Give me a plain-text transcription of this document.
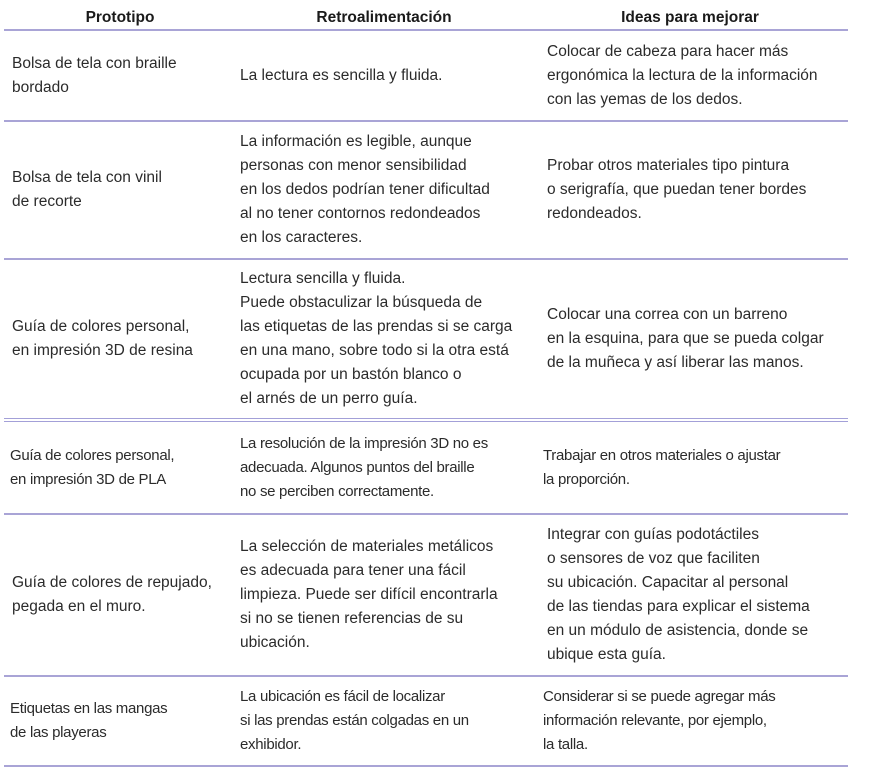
Prototipo	Retroalimentación	Ideas para mejorar
Bolsa de tela con braille
bordado
La lectura es sencilla y fluida.
Colocar de cabeza para hacer más
ergonómica la lectura de la información
con las yemas de los dedos.
Bolsa de tela con vinil
de recorte
La información es legible, aunque
personas con menor sensibilidad
en los dedos podrían tener dificultad
al no tener contornos redondeados
en los caracteres.
Probar otros materiales tipo pintura
o serigrafía, que puedan tener bordes
redondeados.
Guía de colores personal,
en impresión 3D de resina
Lectura sencilla y fluida.
Puede obstaculizar la búsqueda de
las etiquetas de las prendas si se carga
en una mano, sobre todo si la otra está
ocupada por un bastón blanco o
el arnés de un perro guía.
Colocar una correa con un barreno
en la esquina, para que se pueda colgar
de la muñeca y así liberar las manos.
Guía de colores personal,
en impresión 3D de PLA
La resolución de la impresión 3D no es
adecuada. Algunos puntos del braille
no se perciben correctamente.
Trabajar en otros materiales o ajustar
la proporción.
Guía de colores de repujado,
pegada en el muro.
La selección de materiales metálicos
es adecuada para tener una fácil
limpieza. Puede ser difícil encontrarla
si no se tienen referencias de su
ubicación.
Integrar con guías podotáctiles
o sensores de voz que faciliten
su ubicación. Capacitar al personal
de las tiendas para explicar el sistema
en un módulo de asistencia, donde se
ubique esta guía.
Etiquetas en las mangas
de las playeras
La ubicación es fácil de localizar
si las prendas están colgadas en un
exhibidor.
Considerar si se puede agregar más
información relevante, por ejemplo,
la talla.
